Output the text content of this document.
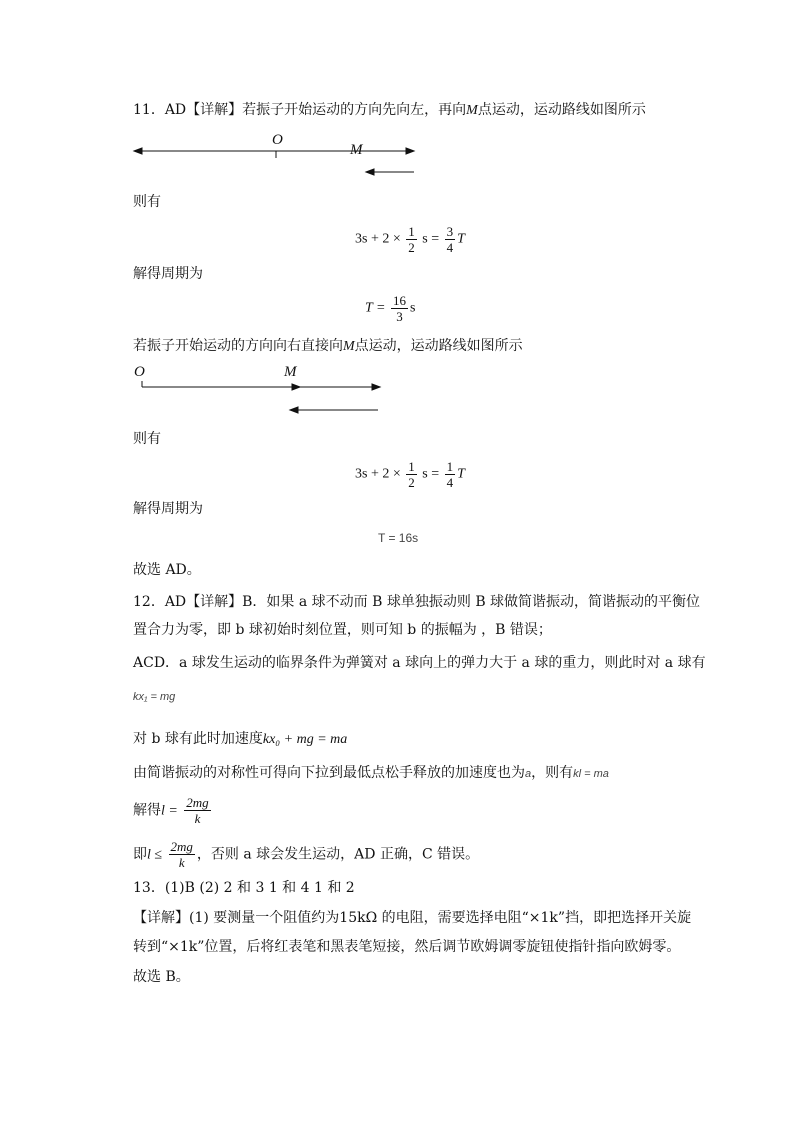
11．AD【详解】若振子开始运动的方向先向左，再向M点运动，运动路线如图所示
O
M
则有
$3s + 2 \times \frac{1}{2}$ $s = \frac{3}{4}$ T
解得周期为
$T = \frac{16}{3}$ s
若振子开始运动的方向向右直接向M点运动，运动路线如图所示
O	M
则有
$3s + 2 \times \frac{1}{2}$ $s = \frac{1}{4}$ T
解得周期为
T = 16s
故选 AD。
12．AD【详解】B．如果 a 球不动而 B 球单独振动则 B 球做简谐振动，简谐振动的平衡位
置合力为零，即 b 球初始时刻位置，则可知 b 的振幅为 ，B 错误；
ACD．a 球发生运动的临界条件为弹簧对 a 球向上的弹力大于 a 球的重力，则此时对 a 球有
kx₁ = mg
对 b 球有此时加速度kx₀ + mg = ma
由简谐振动的对称性可得向下拉到最低点松手释放的加速度也为a，则有kl = ma
解得$l = \frac{2mg}{k}$
即$l \le \frac{2mg}{k}$ ，否则 a 球会发生运动，AD 正确，C 错误。
13．(1)B (2) 2 和 3 1 和 4 1 和 2
【详解】(1) 要测量一个阻值约为15kΩ 的电阻，需要选择电阻“×1k”挡，即把选择开关旋
转到“×1k”位置，后将红表笔和黑表笔短接，然后调节欧姆调零旋钮使指针指向欧姆零。
故选 B。
